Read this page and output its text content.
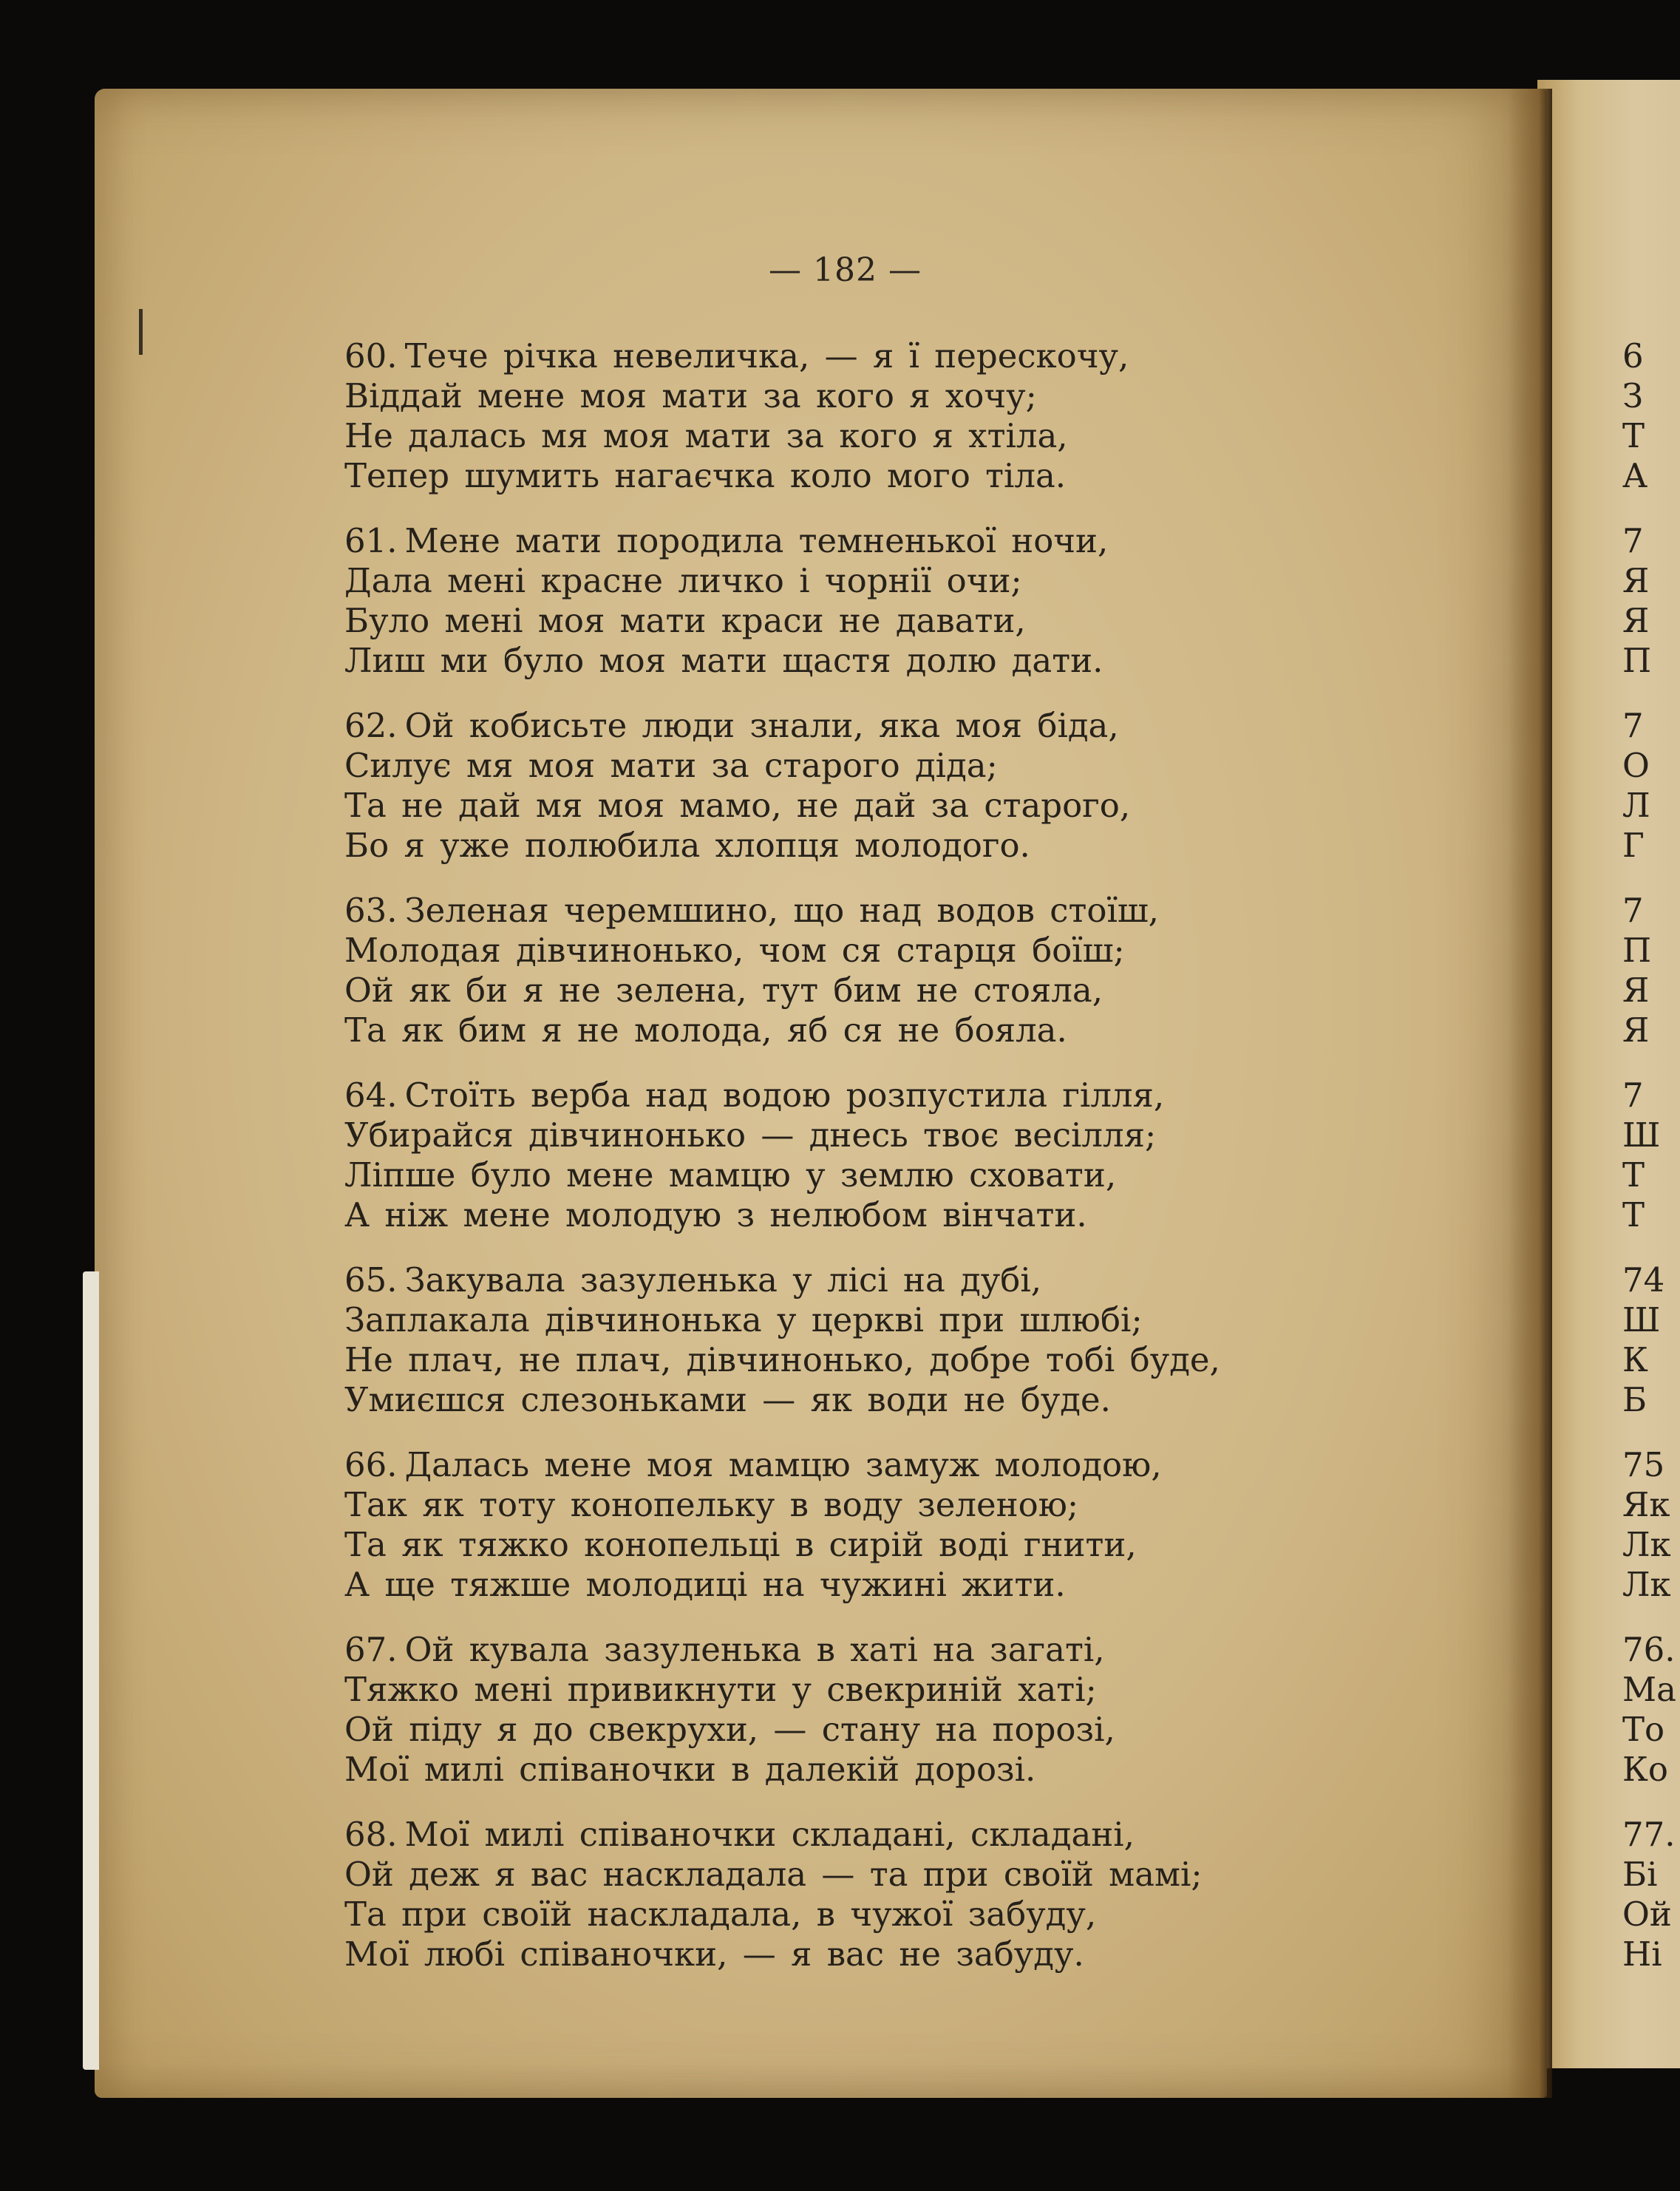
— 182 —
60. Тече річка невеличка, — я ї перескочу,
Віддай мене моя мати за кого я хочу;
Не далась мя моя мати за кого я хтіла,
Тепер шумить нагаєчка коло мого тіла.
61. Мене мати породила темненької ночи,
Дала мені красне личко і чорнії очи;
Було мені моя мати краси не давати,
Лиш ми було моя мати щастя долю дати.
62. Ой кобисьте люди знали, яка моя біда,
Силує мя моя мати за старого діда;
Та не дай мя моя мамо, не дай за старого,
Бо я уже полюбила хлопця молодого.
63. Зеленая черемшино, що над водов стоїш,
Молодая дівчинонько, чом ся старця боїш;
Ой як би я не зелена, тут бим не стояла,
Та як бим я не молода, яб ся не бояла.
64. Стоїть верба над водою розпустила гілля,
Убирайся дівчинонько — днесь твоє весілля;
Ліпше було мене мамцю у землю сховати,
А ніж мене молодую з нелюбом вінчати.
65. Закувала зазуленька у лісі на дубі,
Заплакала дівчинонька у церкві при шлюбі;
Не плач, не плач, дівчинонько, добре тобі буде,
Умиєшся слезоньками — як води не буде.
66. Далась мене моя мамцю замуж молодою,
Так як тоту конопельку в воду зеленою;
Та як тяжко конопельці в сирій воді гнити,
А ще тяжше молодиці на чужині жити.
67. Ой кувала зазуленька в хаті на загаті,
Тяжко мені привикнути у свекриній хаті;
Ой піду я до свекрухи, — стану на порозі,
Мої милі співаночки в далекій дорозі.
68. Мої милі співаночки складані, складані,
Ой деж я вас наскладала — та при своїй мамі;
Та при своїй наскладала, в чужої забуду,
Мої любі співаночки, — я вас не забуду.
6
З
Т
А
7
Я
Я
П
7
О
Л
Г
7
П
Я
Я
7
Ш
Т
Т
74
Ш
К
Б
75
Як
Лк
Лк
76.
Ма
То
Ко
77.
Бі
Ой
Ні
